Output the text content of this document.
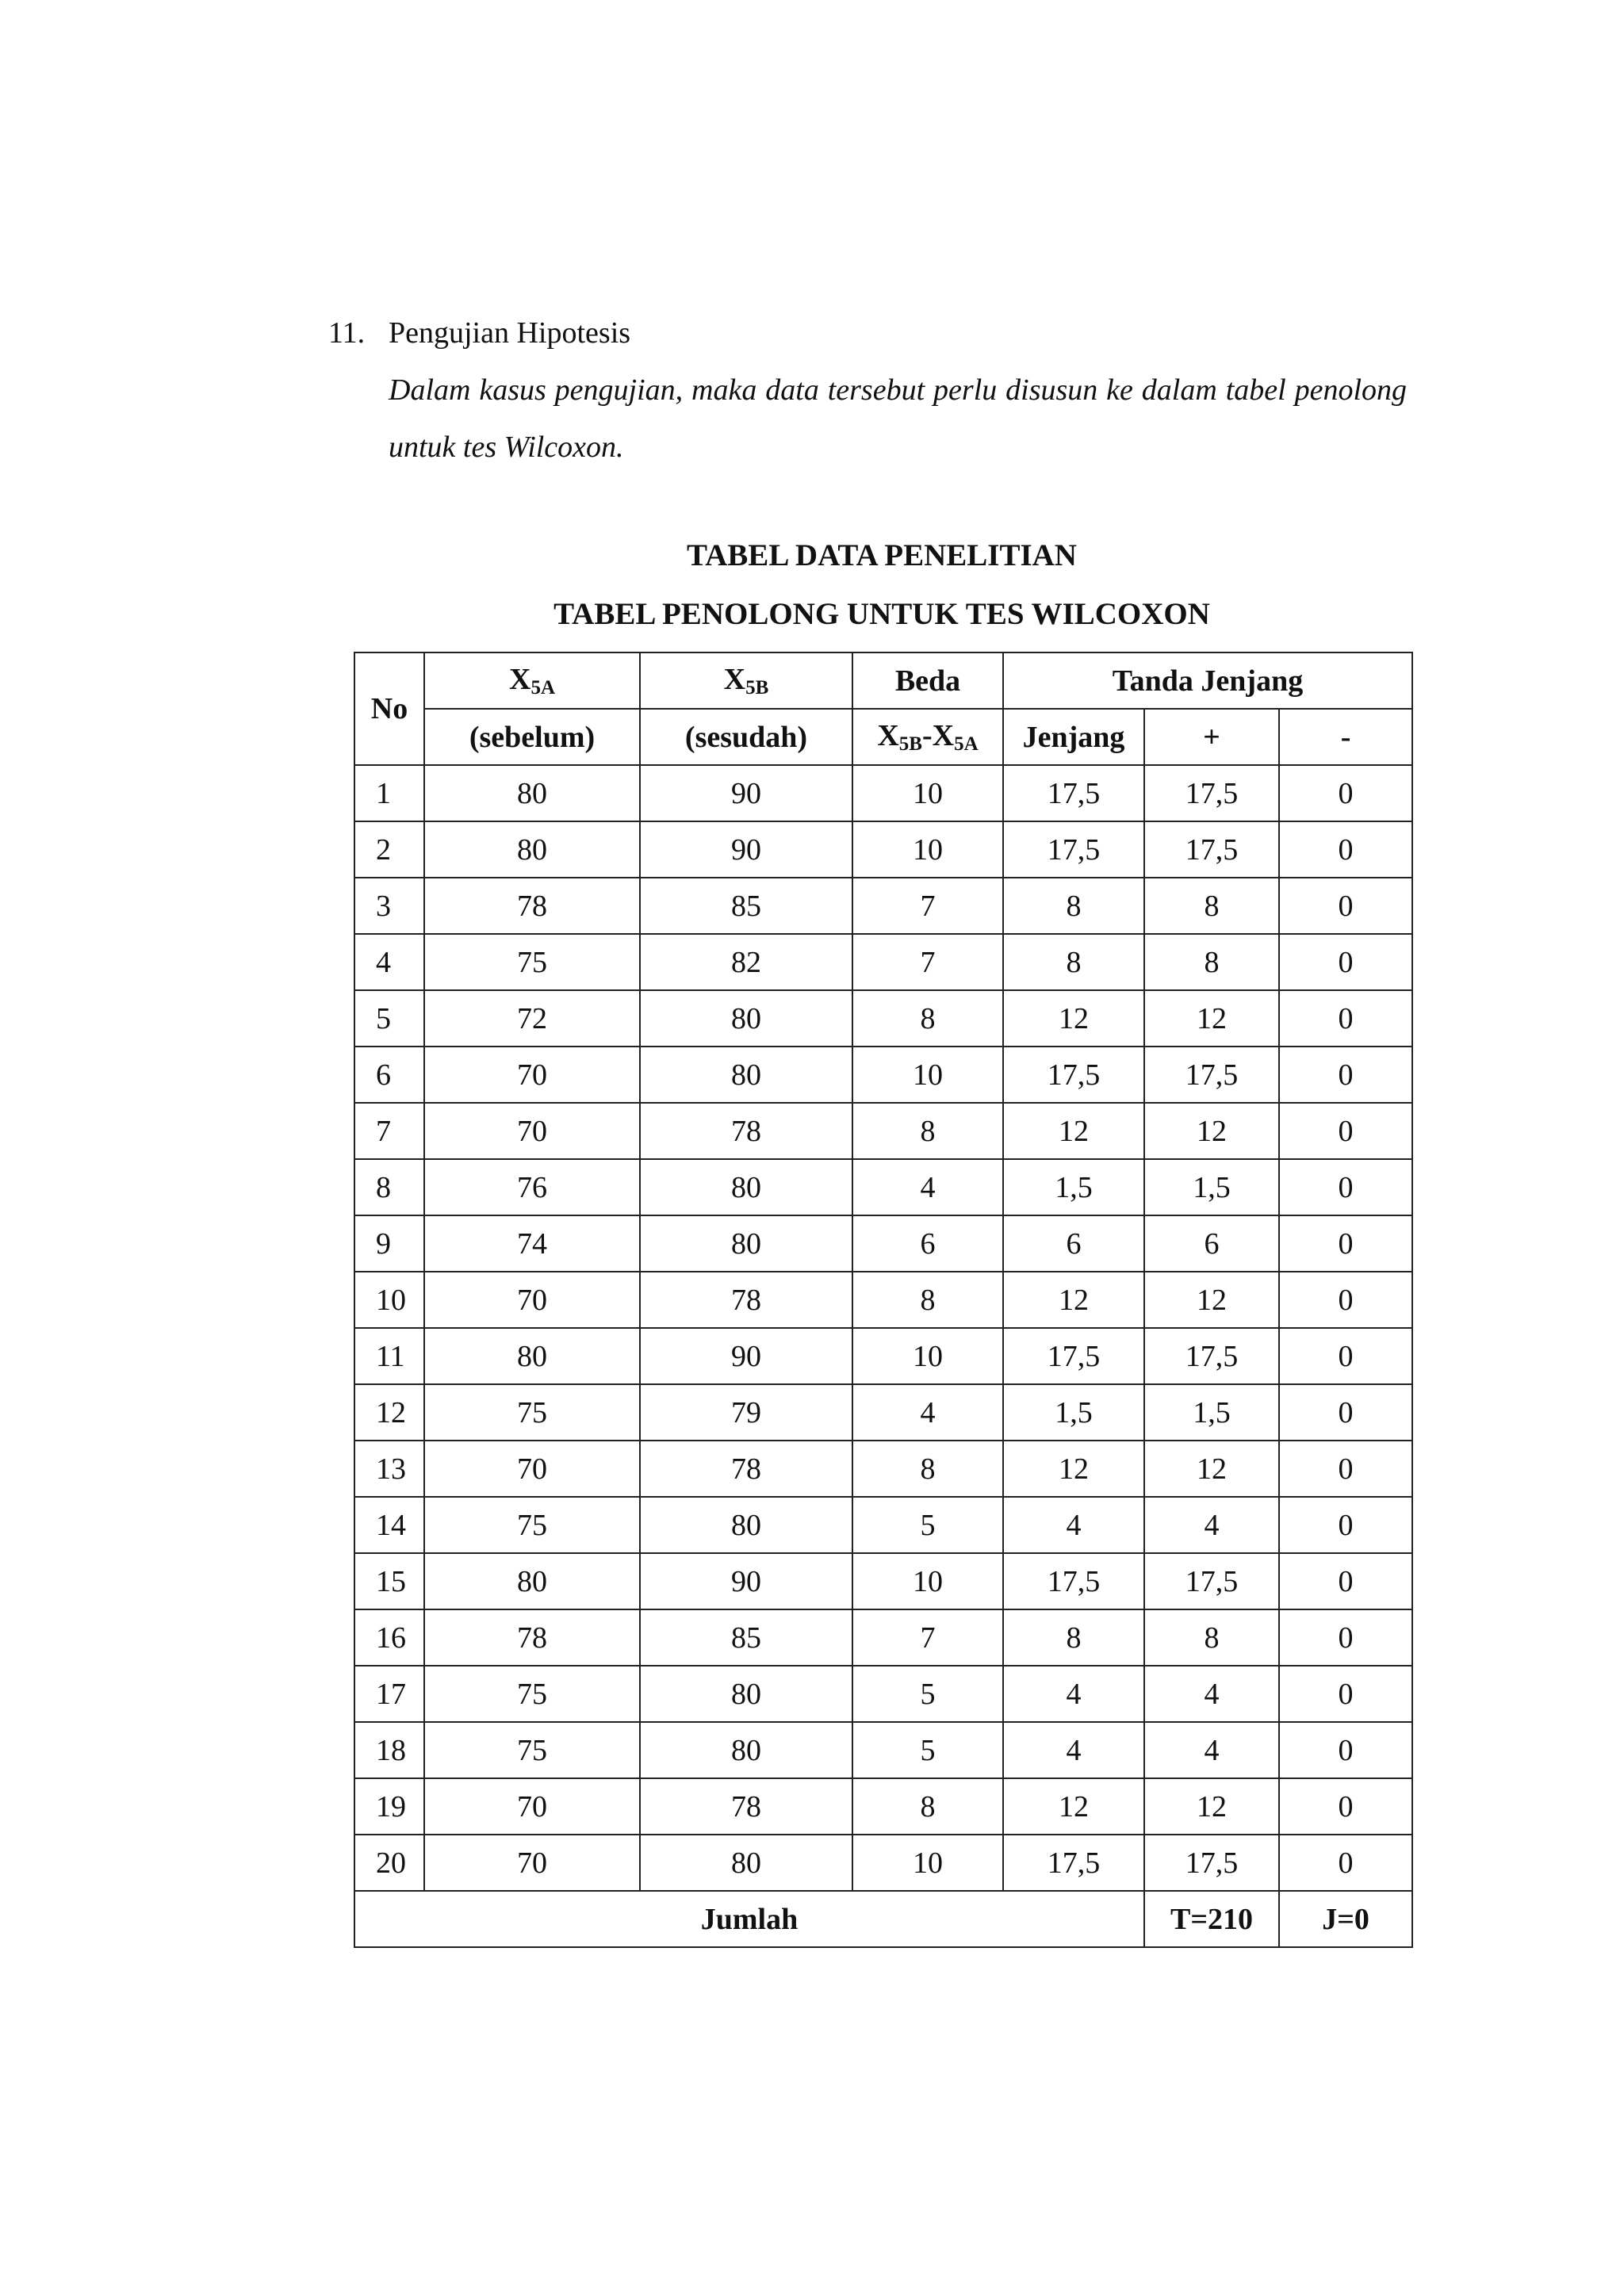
11. Pengujian Hipotesis
Dalam kasus pengujian, maka data tersebut perlu disusun ke dalam tabel penolong untuk tes Wilcoxon.
TABEL DATA PENELITIAN
TABEL PENOLONG UNTUK TES WILCOXON
No	$X_{5A}$	$X_{5B}$	Beda	Tanda Jenjang		
	(sebelum)	(sesudah)	$X_{5B}-X_{5A}$	Jenjang	+	-
1	80	90	10	17,5	17,5	0
2	80	90	10	17,5	17,5	0
3	78	85	7	8	8	0
4	75	82	7	8	8	0
5	72	80	8	12	12	0
6	70	80	10	17,5	17,5	0
7	70	78	8	12	12	0
8	76	80	4	1,5	1,5	0
9	74	80	6	6	6	0
10	70	78	8	12	12	0
11	80	90	10	17,5	17,5	0
12	75	79	4	1,5	1,5	0
13	70	78	8	12	12	0
14	75	80	5	4	4	0
15	80	90	10	17,5	17,5	0
16	78	85	7	8	8	0
17	75	80	5	4	4	0
18	75	80	5	4	4	0
19	70	78	8	12	12	0
20	70	80	10	17,5	17,5	0
Jumlah					T=210	J=0
